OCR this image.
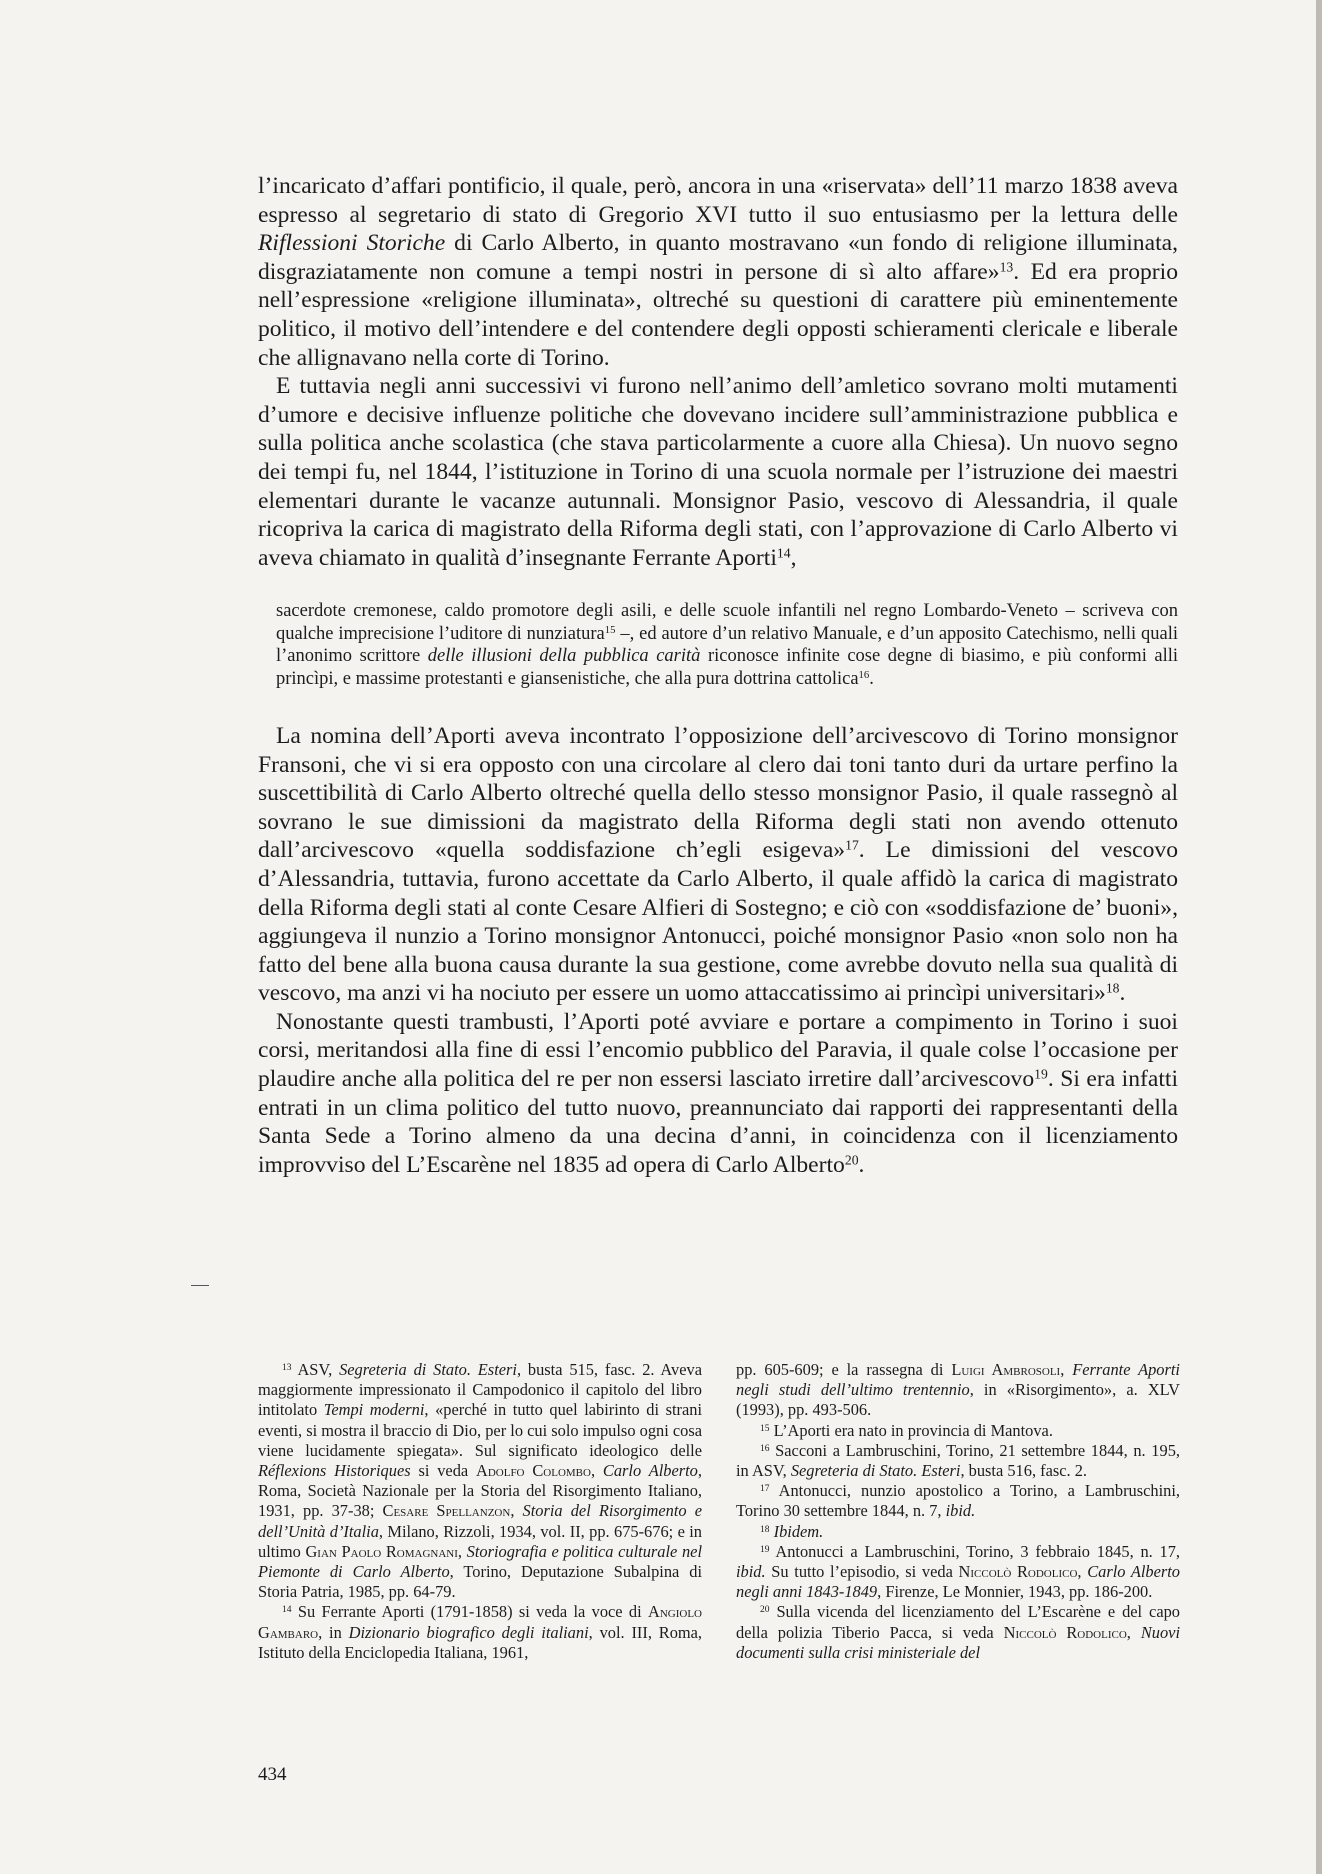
l’incaricato d’affari pontificio, il quale, però, ancora in una «riservata» dell’11 marzo 1838 aveva espresso al segretario di stato di Gregorio XVI tutto il suo entusiasmo per la lettura delle Riflessioni Storiche di Carlo Alberto, in quanto mostravano «un fondo di religione illuminata, disgraziatamente non comune a tempi nostri in persone di sì alto affare»$^{13}$. Ed era proprio nell’espressione «religione illuminata», oltreché su questioni di carattere più eminentemente politico, il motivo dell’intendere e del contendere degli opposti schieramenti clericale e liberale che allignavano nella corte di Torino.

E tuttavia negli anni successivi vi furono nell’animo dell’amletico sovrano molti mutamenti d’umore e decisive influenze politiche che dovevano incidere sull’amministrazione pubblica e sulla politica anche scolastica (che stava particolarmente a cuore alla Chiesa). Un nuovo segno dei tempi fu, nel 1844, l’istituzione in Torino di una scuola normale per l’istruzione dei maestri elementari durante le vacanze autunnali. Monsignor Pasio, vescovo di Alessandria, il quale ricopriva la carica di magistrato della Riforma degli stati, con l’approvazione di Carlo Alberto vi aveva chiamato in qualità d’insegnante Ferrante Aporti$^{14}$,

sacerdote cremonese, caldo promotore degli asili, e delle scuole infantili nel regno Lombardo-Veneto – scriveva con qualche imprecisione l’uditore di nunziatura$^{15}$ –, ed autore d’un relativo Manuale, e d’un apposito Catechismo, nelli quali l’anonimo scrittore delle illusioni della pubblica carità riconosce infinite cose degne di biasimo, e più conformi alli princìpi, e massime protestanti e giansenistiche, che alla pura dottrina cattolica$^{16}$.

La nomina dell’Aporti aveva incontrato l’opposizione dell’arcivescovo di Torino monsignor Fransoni, che vi si era opposto con una circolare al clero dai toni tanto duri da urtare perfino la suscettibilità di Carlo Alberto oltreché quella dello stesso monsignor Pasio, il quale rassegnò al sovrano le sue dimissioni da magistrato della Riforma degli stati non avendo ottenuto dall’arcivescovo «quella soddisfazione ch’egli esigeva»$^{17}$. Le dimissioni del vescovo d’Alessandria, tuttavia, furono accettate da Carlo Alberto, il quale affidò la carica di magistrato della Riforma degli stati al conte Cesare Alfieri di Sostegno; e ciò con «soddisfazione de’ buoni», aggiungeva il nunzio a Torino monsignor Antonucci, poiché monsignor Pasio «non solo non ha fatto del bene alla buona causa durante la sua gestione, come avrebbe dovuto nella sua qualità di vescovo, ma anzi vi ha nociuto per essere un uomo attaccatissimo ai princìpi universitari»$^{18}$.

Nonostante questi trambusti, l’Aporti poté avviare e portare a compimento in Torino i suoi corsi, meritandosi alla fine di essi l’encomio pubblico del Paravia, il quale colse l’occasione per plaudire anche alla politica del re per non essersi lasciato irretire dall’arcivescovo$^{19}$. Si era infatti entrati in un clima politico del tutto nuovo, preannunciato dai rapporti dei rappresentanti della Santa Sede a Torino almeno da una decina d’anni, in coincidenza con il licenziamento improvviso del L’Escarène nel 1835 ad opera di Carlo Alberto$^{20}$.

$^{13}$ ASV, Segreteria di Stato. Esteri, busta 515, fasc. 2. Aveva maggiormente impressionato il Campodonico il capitolo del libro intitolato Tempi moderni, «perché in tutto quel labirinto di strani eventi, si mostra il braccio di Dio, per lo cui solo impulso ogni cosa viene lucidamente spiegata». Sul significato ideologico delle Réflexions Historiques si veda Adolfo Colombo, Carlo Alberto, Roma, Società Nazionale per la Storia del Risorgimento Italiano, 1931, pp. 37-38; Cesare Spellanzon, Storia del Risorgimento e dell’Unità d’Italia, Milano, Rizzoli, 1934, vol. II, pp. 675-676; e in ultimo Gian Paolo Romagnani, Storiografia e politica culturale nel Piemonte di Carlo Alberto, Torino, Deputazione Subalpina di Storia Patria, 1985, pp. 64-79.

$^{14}$ Su Ferrante Aporti (1791-1858) si veda la voce di Angiolo Gambaro, in Dizionario biografico degli italiani, vol. III, Roma, Istituto della Enciclopedia Italiana, 1961,

pp. 605-609; e la rassegna di Luigi Ambrosoli, Ferrante Aporti negli studi dell’ultimo trentennio, in «Risorgimento», a. XLV (1993), pp. 493-506.

$^{15}$ L’Aporti era nato in provincia di Mantova.

$^{16}$ Sacconi a Lambruschini, Torino, 21 settembre 1844, n. 195, in ASV, Segreteria di Stato. Esteri, busta 516, fasc. 2.

$^{17}$ Antonucci, nunzio apostolico a Torino, a Lambruschini, Torino 30 settembre 1844, n. 7, ibid.

$^{18}$ Ibidem.

$^{19}$ Antonucci a Lambruschini, Torino, 3 febbraio 1845, n. 17, ibid. Su tutto l’episodio, si veda Niccolò Rodolico, Carlo Alberto negli anni 1843-1849, Firenze, Le Monnier, 1943, pp. 186-200.

$^{20}$ Sulla vicenda del licenziamento del L’Escarène e del capo della polizia Tiberio Pacca, si veda Niccolò Rodolico, Nuovi documenti sulla crisi ministeriale del

434
